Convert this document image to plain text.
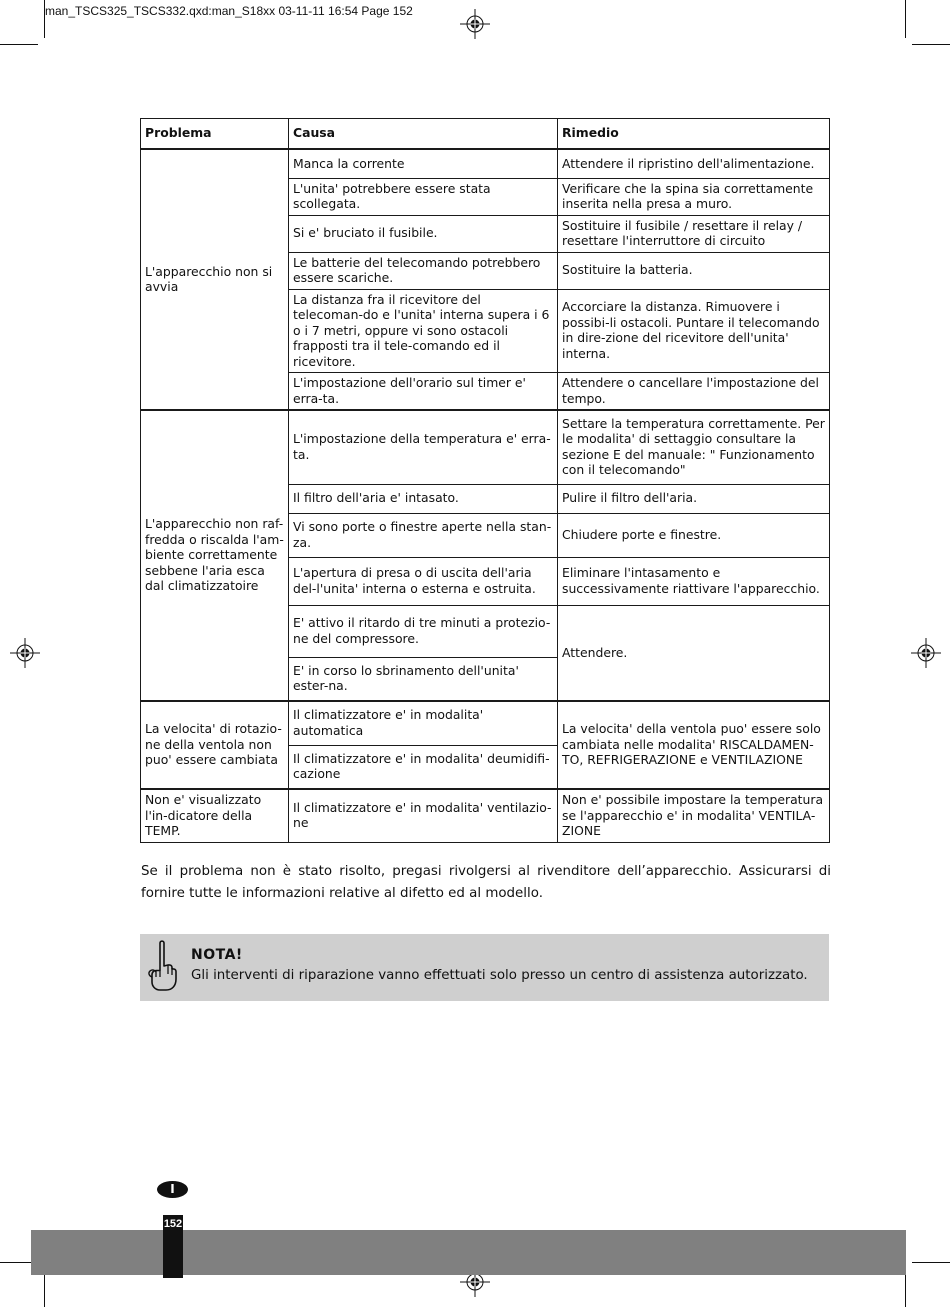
man_TSCS325_TSCS332.qxd:man_S18xx 03-11-11 16:54 Page 152
Problema	Causa	Rimedio
L'apparecchio non si avvia	Manca la corrente	Attendere il ripristino dell'alimentazione.
	L'unita' potrebbere essere stata scollegata.	Verificare che la spina sia correttamente inserita nella presa a muro.
	Si e' bruciato il fusibile.	Sostituire il fusibile / resettare il relay / resettare l'interruttore di circuito
	Le batterie del telecomando potrebbero essere scariche.	Sostituire la batteria.
	La distanza fra il ricevitore del telecoman-do e l'unita' interna supera i 6 o i 7 metri, oppure vi sono ostacoli frapposti tra il tele-comando ed il ricevitore.	Accorciare la distanza. Rimuovere i possibi-li ostacoli. Puntare il telecomando in dire-zione del ricevitore dell'unita' interna.
	L'impostazione dell'orario sul timer e' erra-ta.	Attendere o cancellare l'impostazione del tempo.
L'apparecchio non raf-fredda o riscalda l'am-biente correttamente sebbene l'aria esca dal climatizzatoire	L'impostazione della temperatura e' erra-ta.	Settare la temperatura correttamente. Per le modalita' di settaggio consultare la sezione E del manuale: " Funzionamento con il telecomando"
	Il filtro dell'aria e' intasato.	Pulire il filtro dell'aria.
	Vi sono porte o finestre aperte nella stan-za.	Chiudere porte e finestre.
	L'apertura di presa o di uscita dell'aria del-l'unita' interna o esterna e ostruita.	Eliminare l'intasamento e successivamente riattivare l'apparecchio.
	E' attivo il ritardo di tre minuti a protezio-ne del compressore.	Attendere.
	E' in corso lo sbrinamento dell'unita' ester-na.	
La velocita' di rotazio-ne della ventola non puo' essere cambiata	Il climatizzatore e' in modalita' automatica	La velocita' della ventola puo' essere solo cambiata nelle modalita' RISCALDAMEN-TO, REFRIGERAZIONE e VENTILAZIONE
	Il climatizzatore e' in modalita' deumidifi-cazione	
Non e' visualizzato l'in-dicatore della TEMP.	Il climatizzatore e' in modalita' ventilazio-ne	Non e' possibile impostare la temperatura se l'apparecchio e' in modalita' VENTILA-ZIONE
Se il problema non è stato risolto, pregasi rivolgersi al rivenditore dell’apparecchio. Assicurarsi di fornire tutte le informazioni relative al difetto ed al modello.
NOTA!
Gli interventi di riparazione vanno effettuati solo presso un centro di assistenza autorizzato.
I
152
